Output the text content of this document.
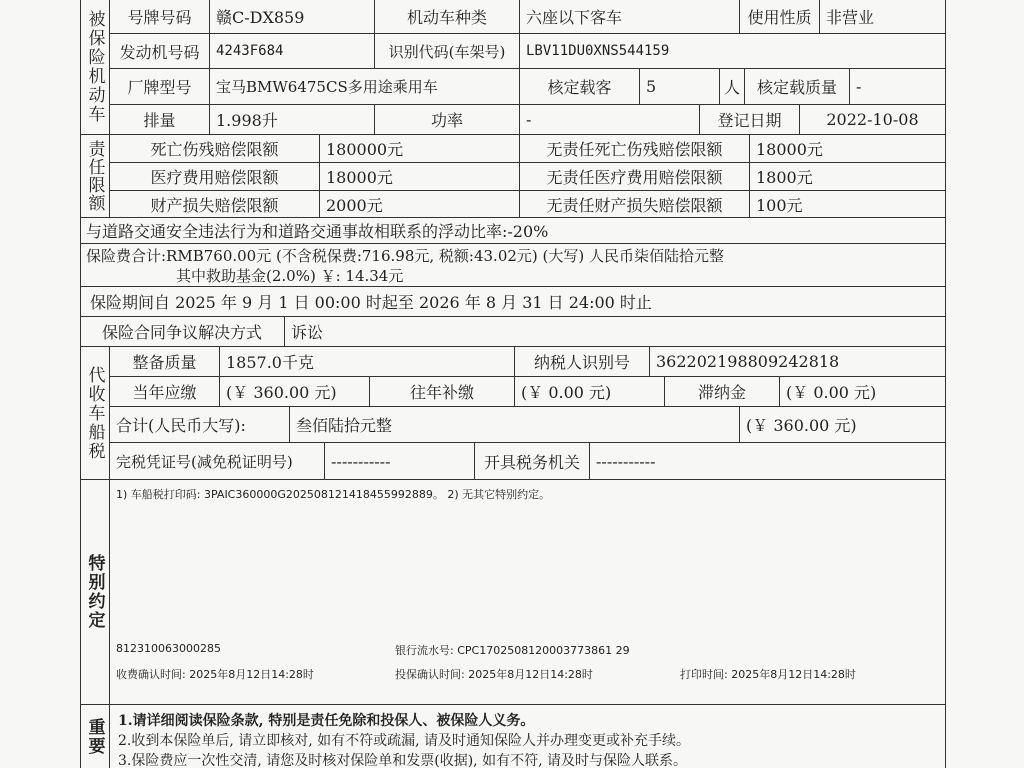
被保险机动车	号牌号码	赣C-DX859	机动车种类	六座以下客车	使用性质 非营业
发动机号码	4243F684	识别代码(车架号)	LBV11DU0XNS544159
厂牌型号	宝马BMW6475CS多用途乘用车	核定载客	5	人	核定载质量	-
排量	1.998升	功率	-	登记日期	2022-10-08
责任限额	死亡伤残赔偿限额	180000元	无责任死亡伤残赔偿限额	18000元
医疗费用赔偿限额	18000元	无责任医疗费用赔偿限额	1800元
财产损失赔偿限额	2000元	无责任财产损失赔偿限额	100元
与道路交通安全违法行为和道路交通事故相联系的浮动比率:-20%
保险费合计:RMB760.00元 (不含税保费:716.98元, 税额:43.02元) (大写) 人民币柒佰陆拾元整
其中救助基金(2.0%) ￥: 14.34元
保险期间自 2025 年 9 月 1 日 00:00 时起至 2026 年 8 月 31 日 24:00 时止
保险合同争议解决方式	诉讼
代收车船税
整备质量	1857.0千克	纳税人识别号	362202198809242818
当年应缴	(￥ 360.00 元)	往年补缴	(￥ 0.00 元)	滞纳金	(￥ 0.00 元)
合计(人民币大写):	叁佰陆拾元整	(￥ 360.00 元)
完税凭证号(减免税证明号)	-----------	开具税务机关	-----------
特别约定
1) 车船税打印码: 3PAIC360000G202508121418455992889。 2) 无其它特别约定。
812310063000285	银行流水号: CPC1702508120003773861 29
收费确认时间: 2025年8月12日14:28时	投保确认时间: 2025年8月12日14:28时	打印时间: 2025年8月12日14:28时
重要 1.请详细阅读保险条款, 特别是责任免除和投保人、被保险人义务。
2.收到本保险单后, 请立即核对, 如有不符或疏漏, 请及时通知保险人并办理变更或补充手续。
3.保险费应一次性交清, 请您及时核对保险单和发票(收据), 如有不符, 请及时与保险人联系。
